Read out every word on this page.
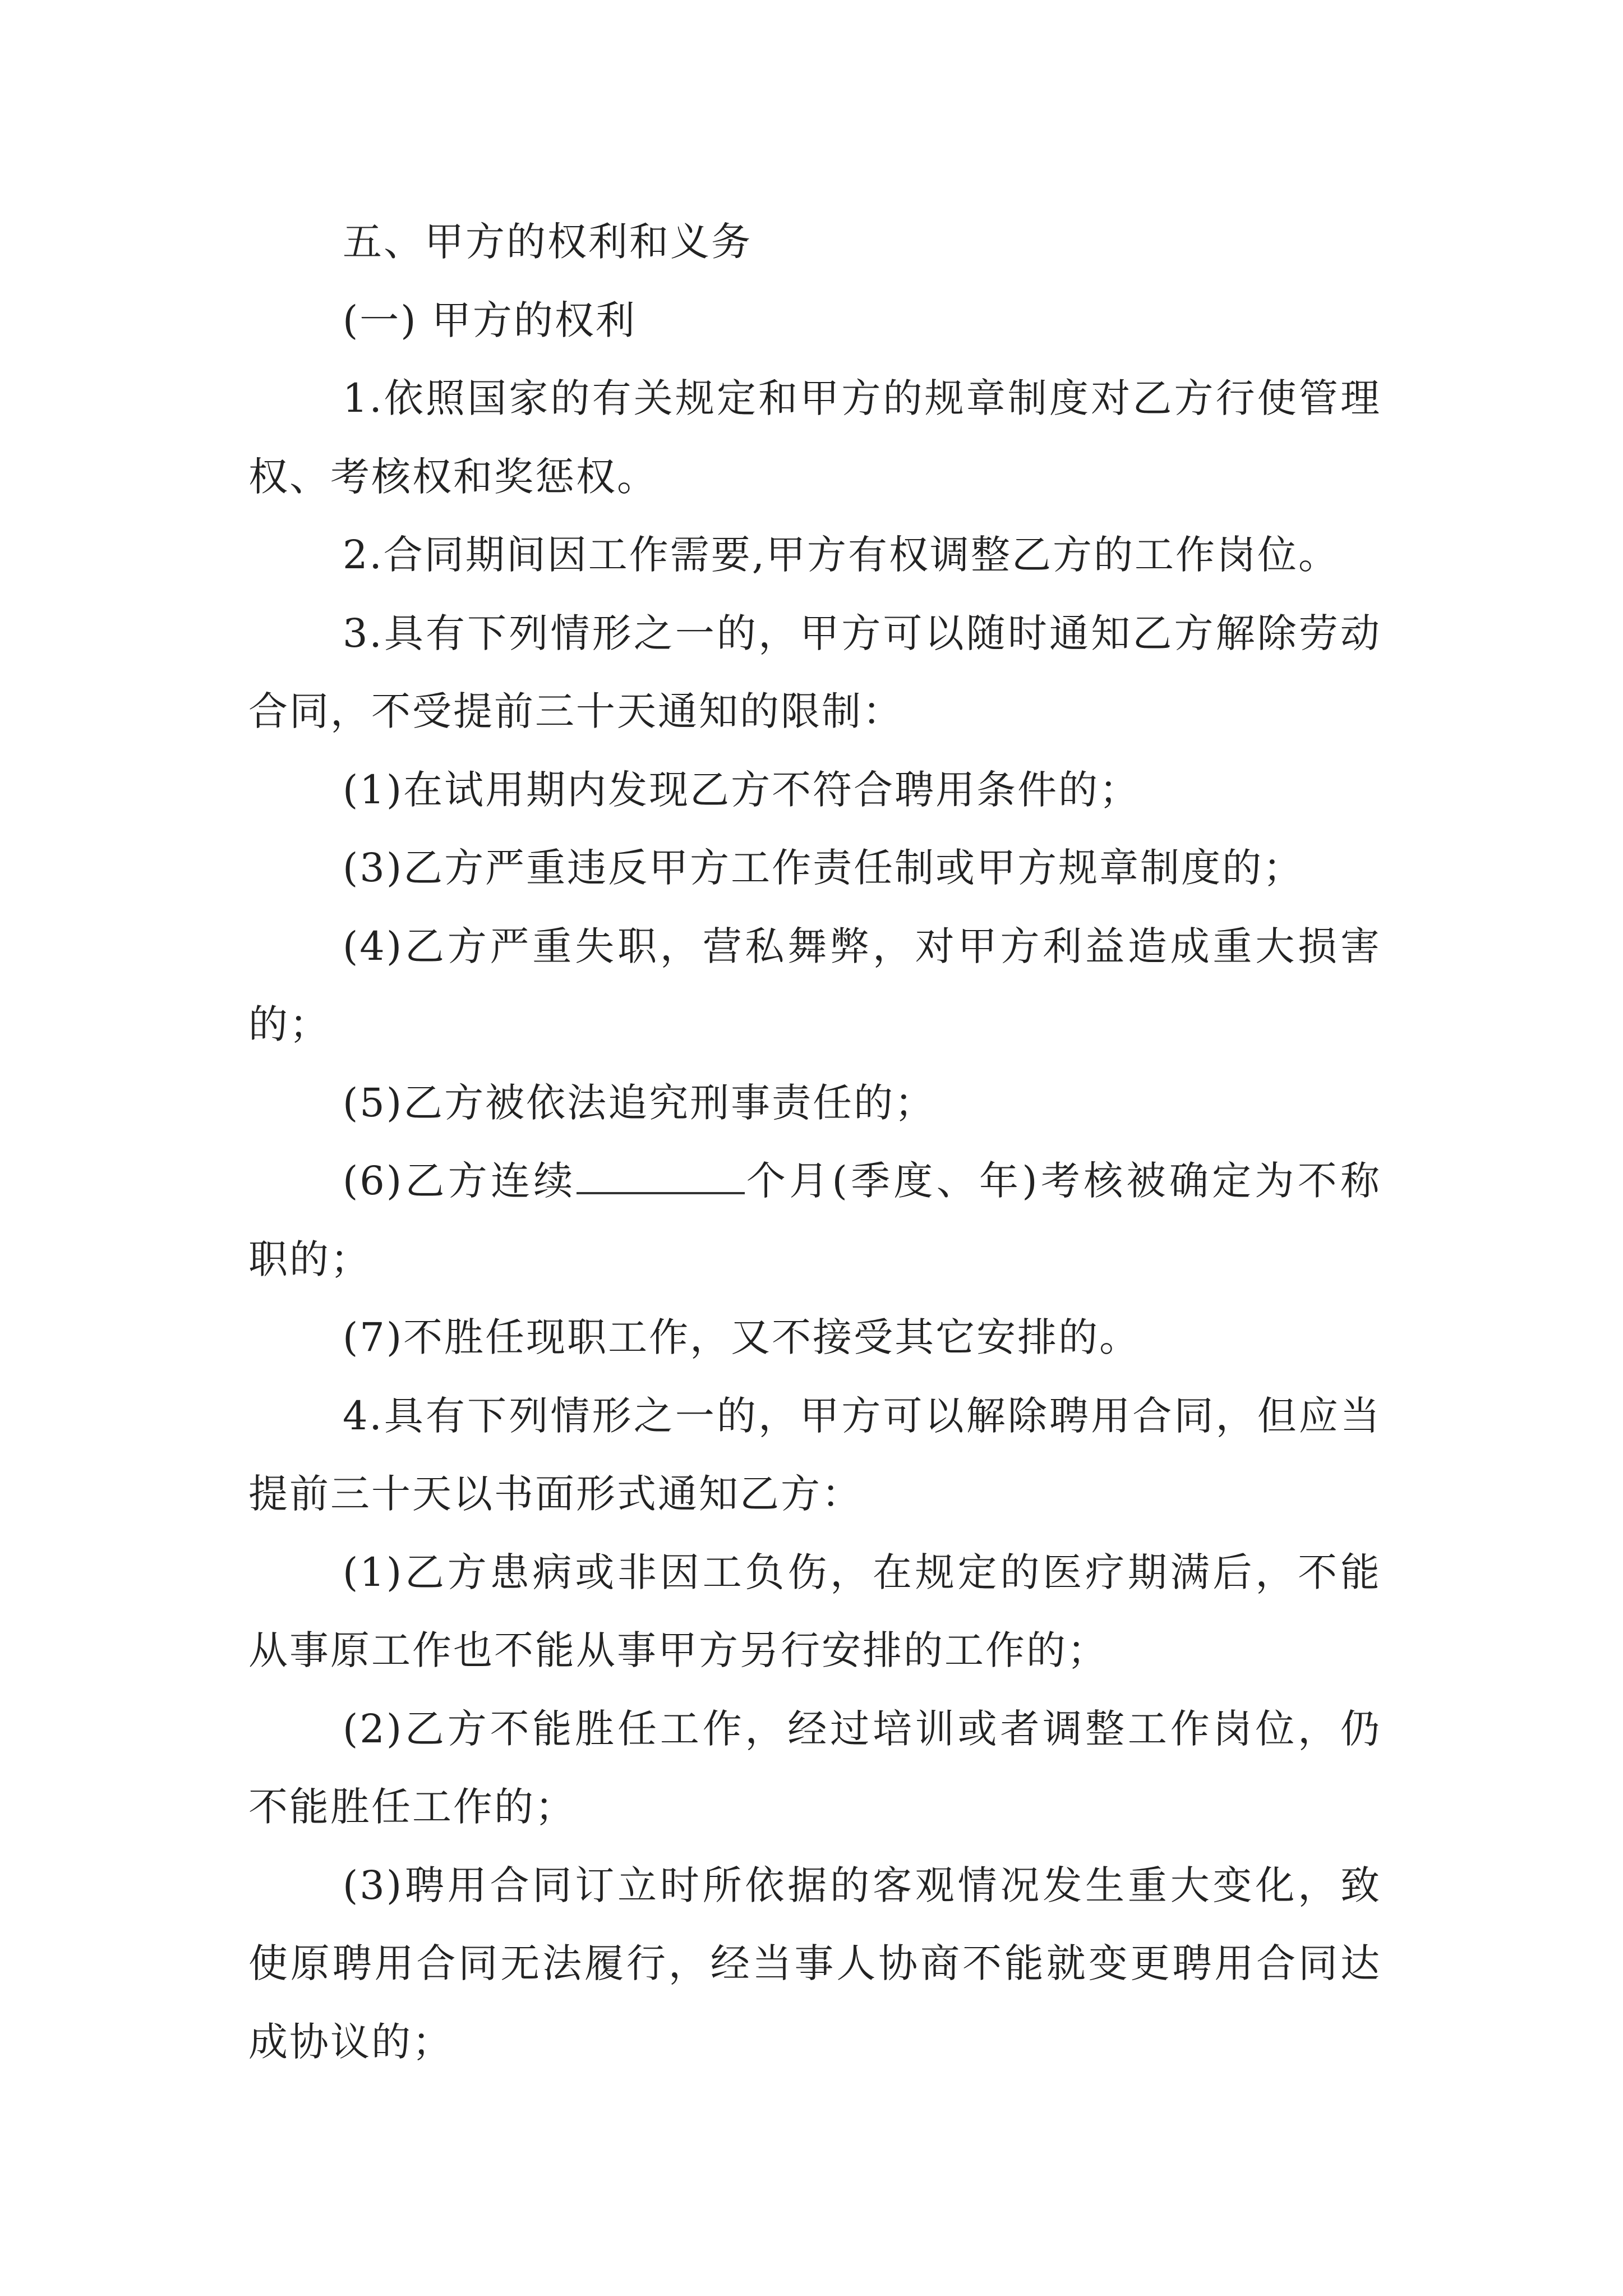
五、甲方的权利和义务

(一) 甲方的权利

1.依照国家的有关规定和甲方的规章制度对乙方行使管理权、考核权和奖惩权。

2.合同期间因工作需要,甲方有权调整乙方的工作岗位。

3.具有下列情形之一的，甲方可以随时通知乙方解除劳动合同，不受提前三十天通知的限制：

(1)在试用期内发现乙方不符合聘用条件的；

(3)乙方严重违反甲方工作责任制或甲方规章制度的；

(4)乙方严重失职，营私舞弊，对甲方利益造成重大损害的；

(5)乙方被依法追究刑事责任的；

(6)乙方连续	个月(季度、年)考核被确定为不称职的；

(7)不胜任现职工作，又不接受其它安排的。

4.具有下列情形之一的，甲方可以解除聘用合同，但应当提前三十天以书面形式通知乙方：

(1)乙方患病或非因工负伤，在规定的医疗期满后，不能从事原工作也不能从事甲方另行安排的工作的；

(2)乙方不能胜任工作，经过培训或者调整工作岗位，仍不能胜任工作的；

(3)聘用合同订立时所依据的客观情况发生重大变化，致使原聘用合同无法履行，经当事人协商不能就变更聘用合同达成协议的；
